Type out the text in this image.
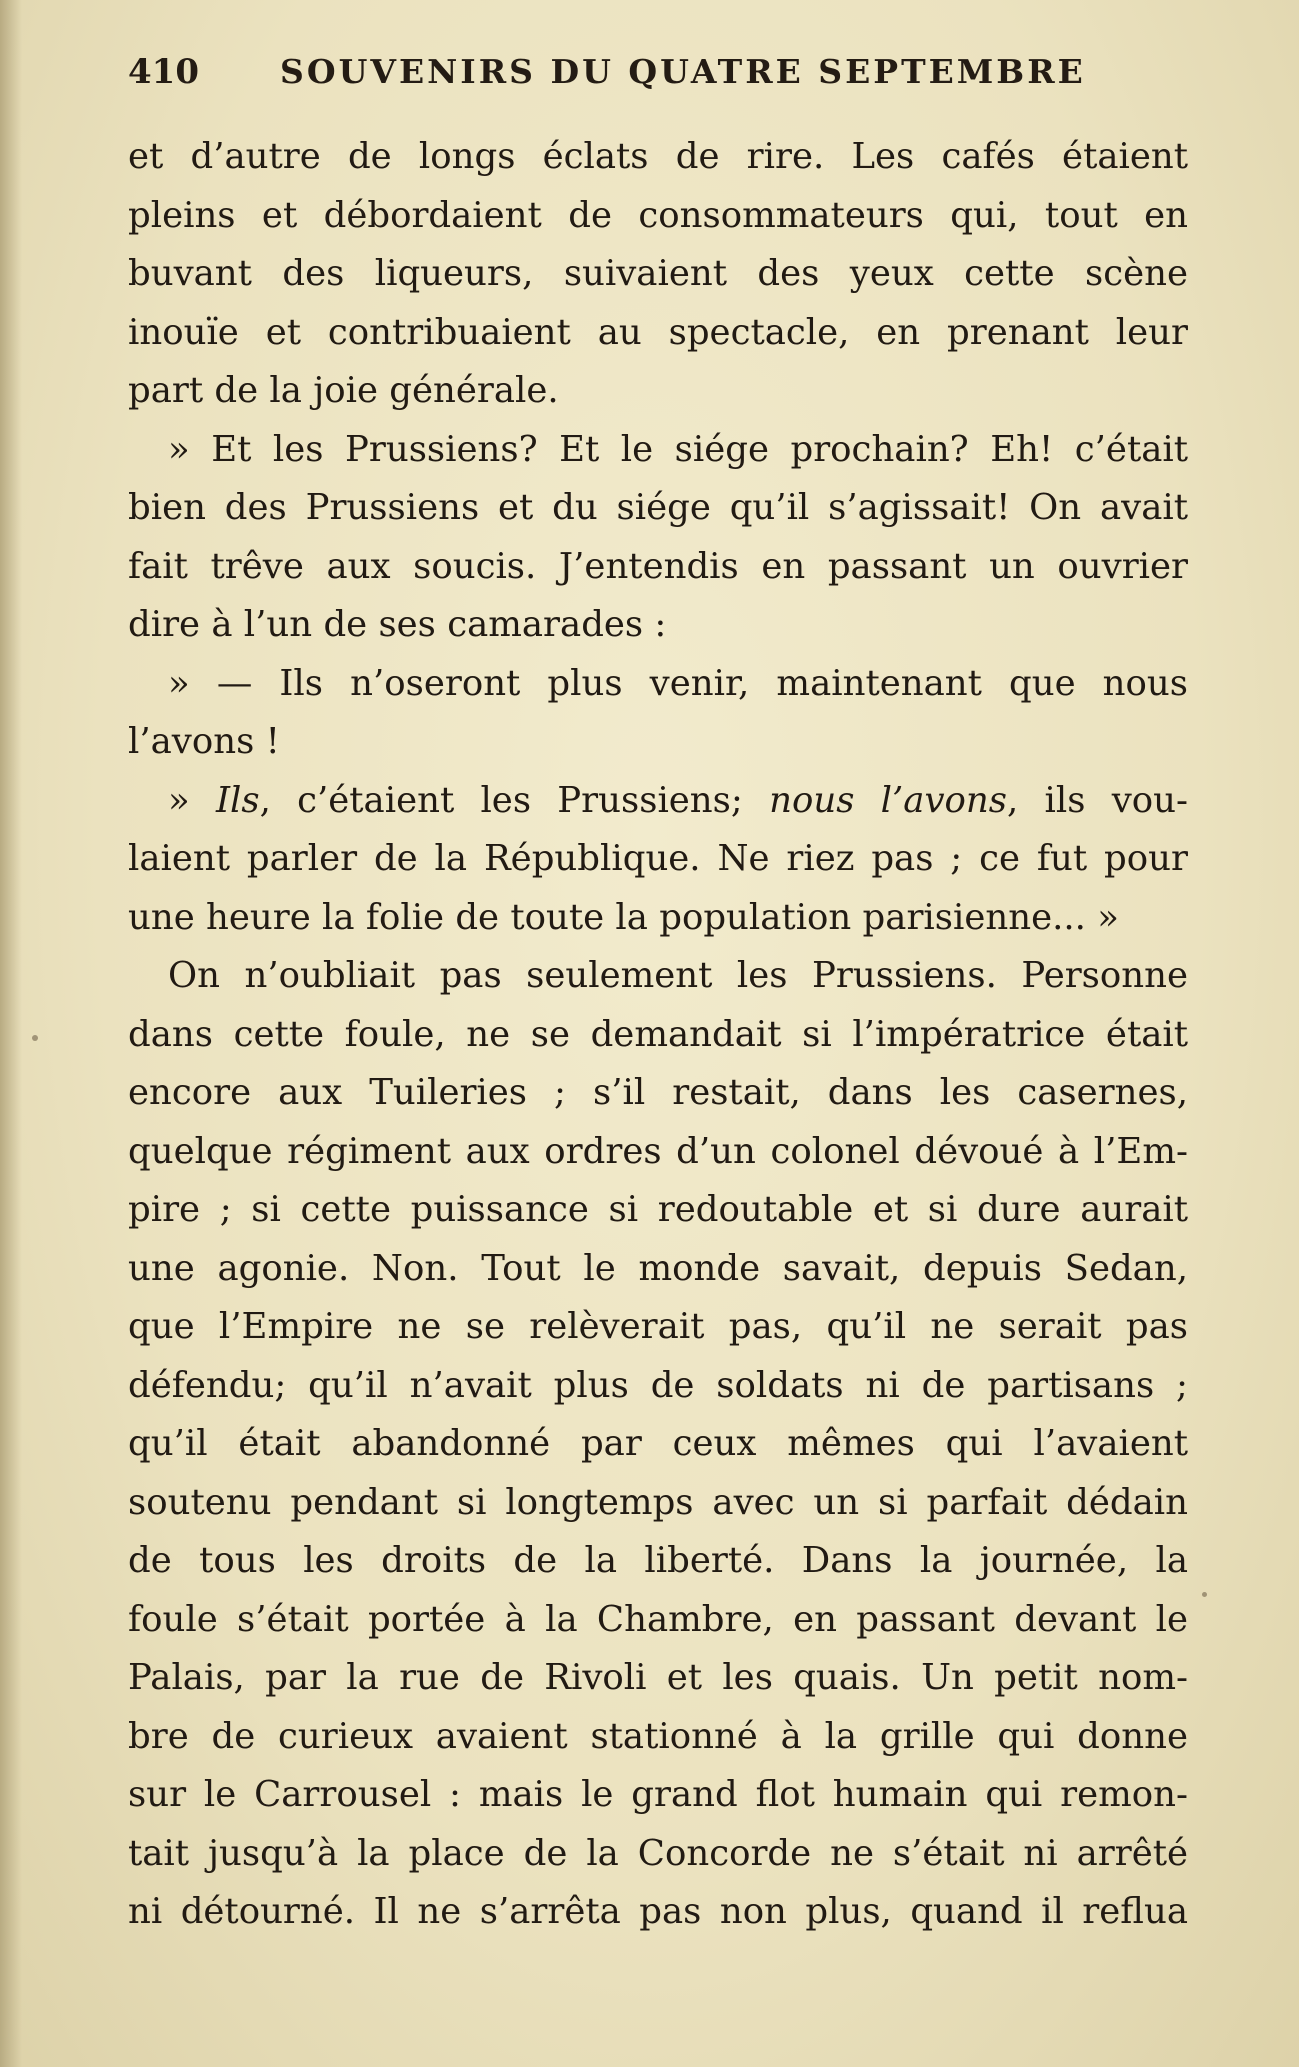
410 SOUVENIRS DU QUATRE SEPTEMBRE
et d’autre de longs éclats de rire. Les cafés étaient
pleins et débordaient de consommateurs qui, tout en
buvant des liqueurs, suivaient des yeux cette scène
inouïe et contribuaient au spectacle, en prenant leur
part de la joie générale.
» Et les Prussiens? Et le siége prochain? Eh! c’était
bien des Prussiens et du siége qu’il s’agissait! On avait
fait trêve aux soucis. J’entendis en passant un ouvrier
dire à l’un de ses camarades :
» — Ils n’oseront plus venir, maintenant que nous
l’avons !
» Ils, c’étaient les Prussiens; nous l’avons, ils vou-
laient parler de la République. Ne riez pas ; ce fut pour
une heure la folie de toute la population parisienne... »
On n’oubliait pas seulement les Prussiens. Personne
dans cette foule, ne se demandait si l’impératrice était
encore aux Tuileries ; s’il restait, dans les casernes,
quelque régiment aux ordres d’un colonel dévoué à l’Em-
pire ; si cette puissance si redoutable et si dure aurait
une agonie. Non. Tout le monde savait, depuis Sedan,
que l’Empire ne se relèverait pas, qu’il ne serait pas
défendu; qu’il n’avait plus de soldats ni de partisans ;
qu’il était abandonné par ceux mêmes qui l’avaient
soutenu pendant si longtemps avec un si parfait dédain
de tous les droits de la liberté. Dans la journée, la
foule s’était portée à la Chambre, en passant devant le
Palais, par la rue de Rivoli et les quais. Un petit nom-
bre de curieux avaient stationné à la grille qui donne
sur le Carrousel : mais le grand flot humain qui remon-
tait jusqu’à la place de la Concorde ne s’était ni arrêté
ni détourné. Il ne s’arrêta pas non plus, quand il reflua
